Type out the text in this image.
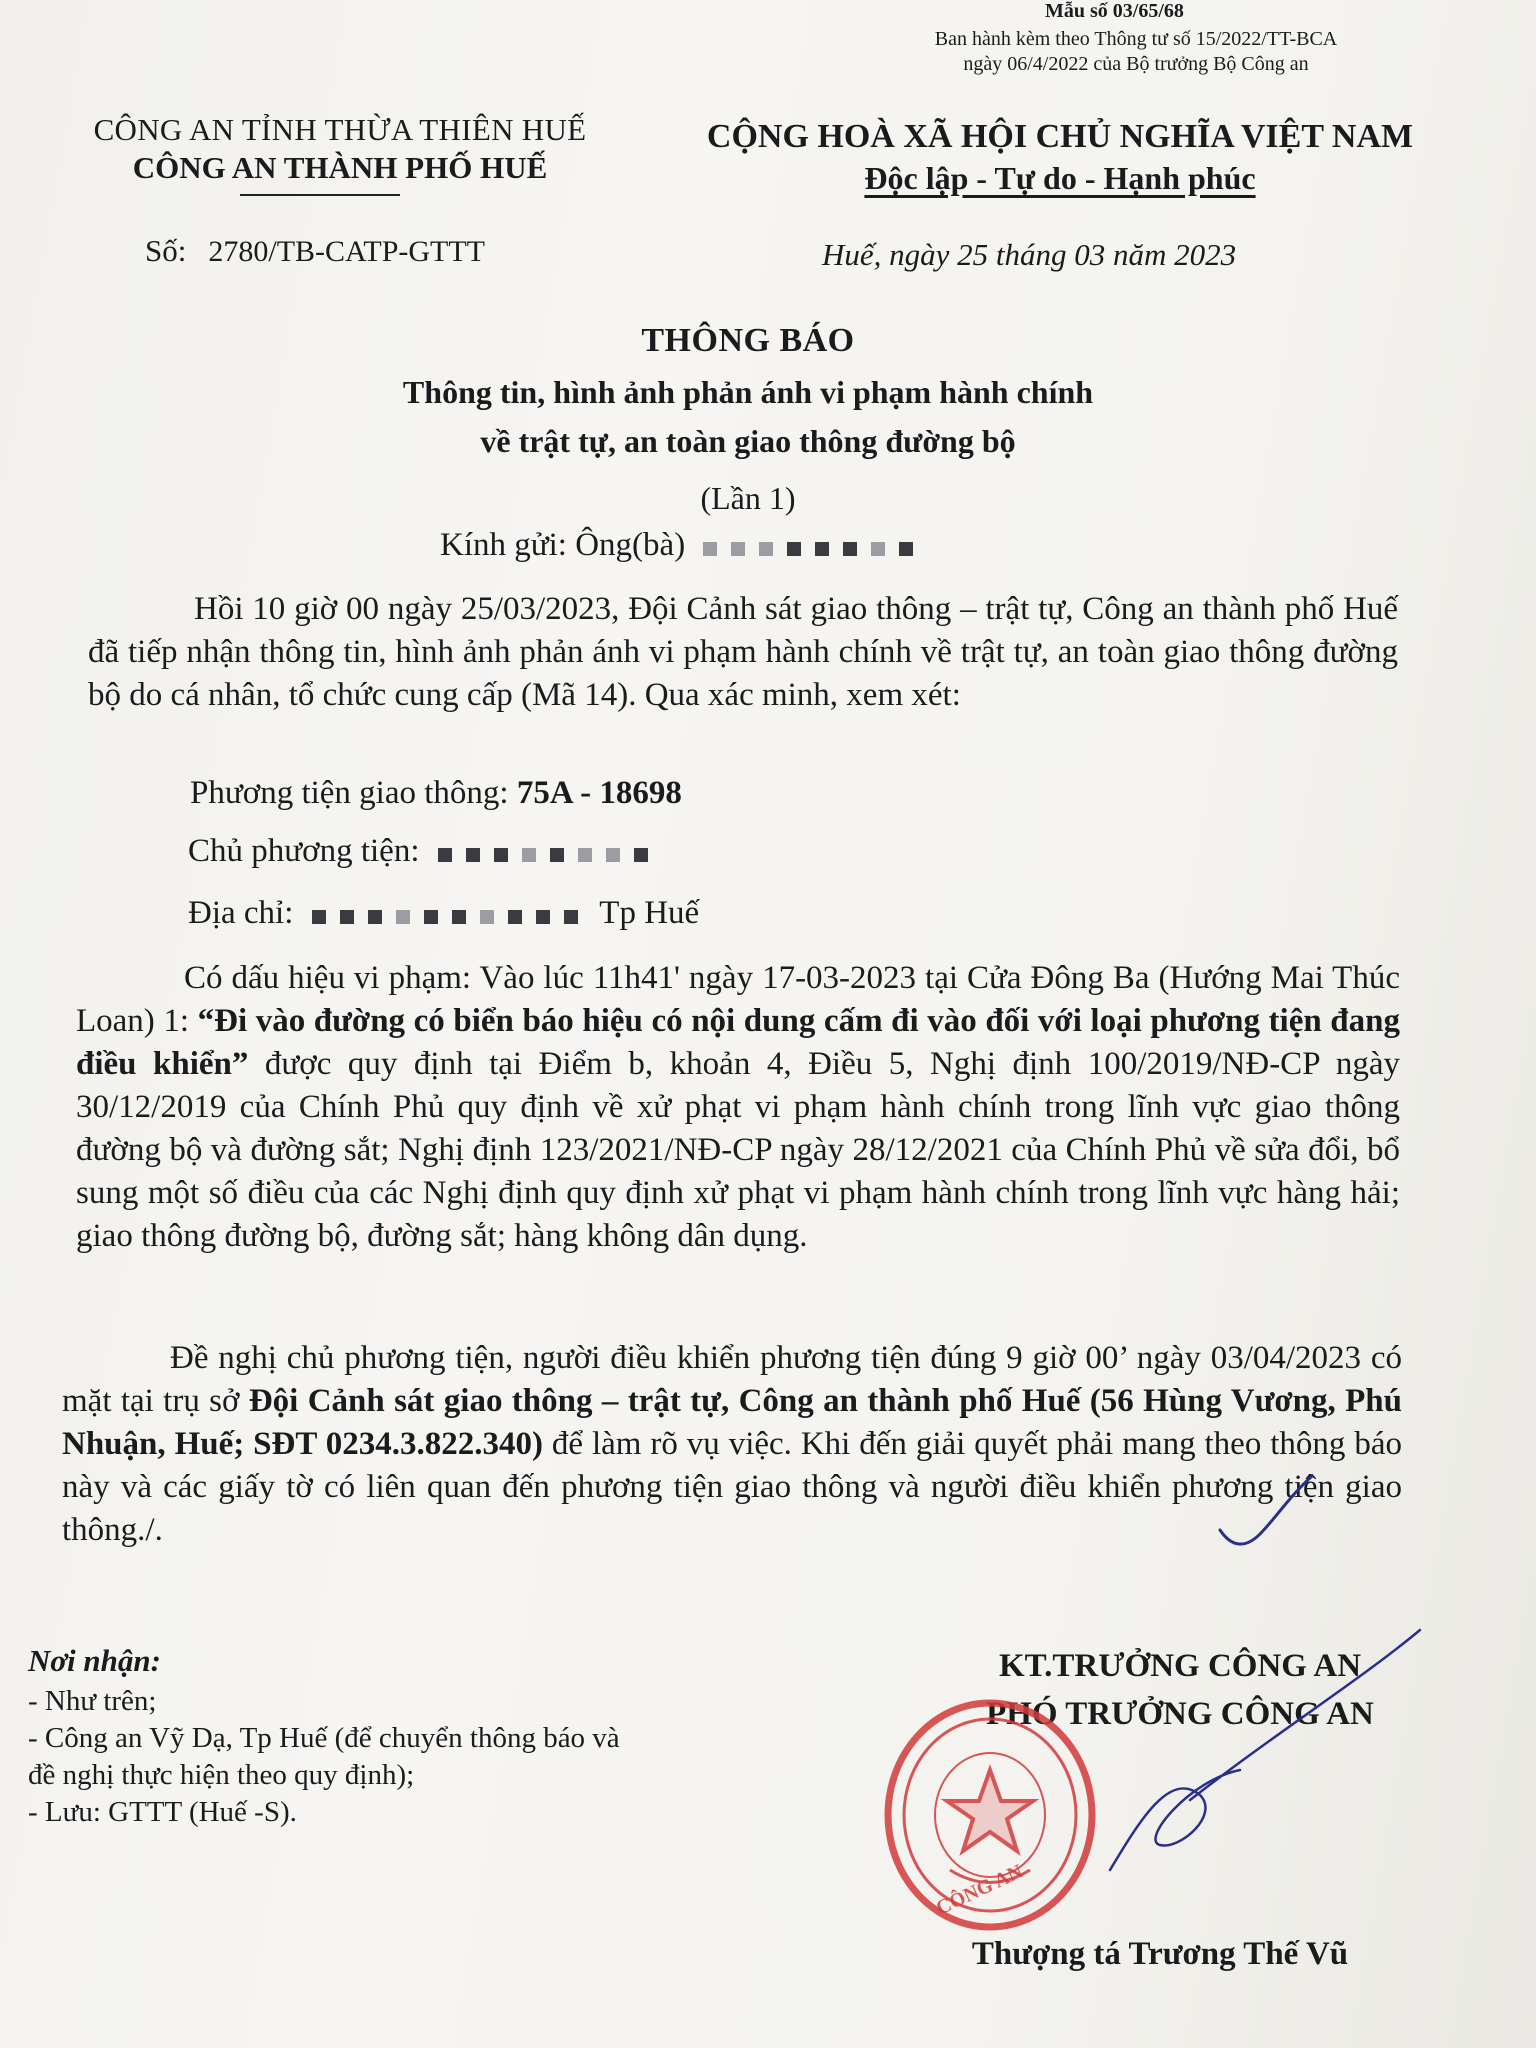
Mẫu số 03/65/68
Ban hành kèm theo Thông tư số 15/2022/TT-BCA
ngày 06/4/2022 của Bộ trưởng Bộ Công an
CÔNG AN TỈNH THỪA THIÊN HUẾ
CÔNG AN THÀNH PHỐ HUẾ
CỘNG HOÀ XÃ HỘI CHỦ NGHĨA VIỆT NAM
Độc lập - Tự do - Hạnh phúc
Số: 2780/TB-CATP-GTTT	Huế, ngày 25 tháng 03 năm 2023
THÔNG BÁO
Thông tin, hình ảnh phản ánh vi phạm hành chính
về trật tự, an toàn giao thông đường bộ
(Lần 1)
Kính gửi: Ông(bà)
Hồi 10 giờ 00 ngày 25/03/2023, Đội Cảnh sát giao thông – trật tự, Công an thành phố Huế đã tiếp nhận thông tin, hình ảnh phản ánh vi phạm hành chính về trật tự, an toàn giao thông đường bộ do cá nhân, tổ chức cung cấp (Mã 14). Qua xác minh, xem xét:
Phương tiện giao thông: 75A - 18698
Chủ phương tiện:
Địa chỉ:	Tp Huế
Có dấu hiệu vi phạm: Vào lúc 11h41' ngày 17-03-2023 tại Cửa Đông Ba (Hướng Mai Thúc Loan) 1: “Đi vào đường có biển báo hiệu có nội dung cấm đi vào đối với loại phương tiện đang điều khiển” được quy định tại Điểm b, khoản 4, Điều 5, Nghị định 100/2019/NĐ-CP ngày 30/12/2019 của Chính Phủ quy định về xử phạt vi phạm hành chính trong lĩnh vực giao thông đường bộ và đường sắt; Nghị định 123/2021/NĐ-CP ngày 28/12/2021 của Chính Phủ về sửa đổi, bổ sung một số điều của các Nghị định quy định xử phạt vi phạm hành chính trong lĩnh vực hàng hải; giao thông đường bộ, đường sắt; hàng không dân dụng.
Đề nghị chủ phương tiện, người điều khiển phương tiện đúng 9 giờ 00’ ngày 03/04/2023 có mặt tại trụ sở Đội Cảnh sát giao thông – trật tự, Công an thành phố Huế (56 Hùng Vương, Phú Nhuận, Huế; SĐT 0234.3.822.340) để làm rõ vụ việc. Khi đến giải quyết phải mang theo thông báo này và các giấy tờ có liên quan đến phương tiện giao thông và người điều khiển phương tiện giao thông./.
Nơi nhận:
- Như trên;
- Công an Vỹ Dạ, Tp Huế (để chuyển thông báo và
đề nghị thực hiện theo quy định);
- Lưu: GTTT (Huế -S).
KT.TRƯỞNG CÔNG AN
PHÓ TRƯỞNG CÔNG AN
CÔNG AN
Thượng tá Trương Thế Vũ
